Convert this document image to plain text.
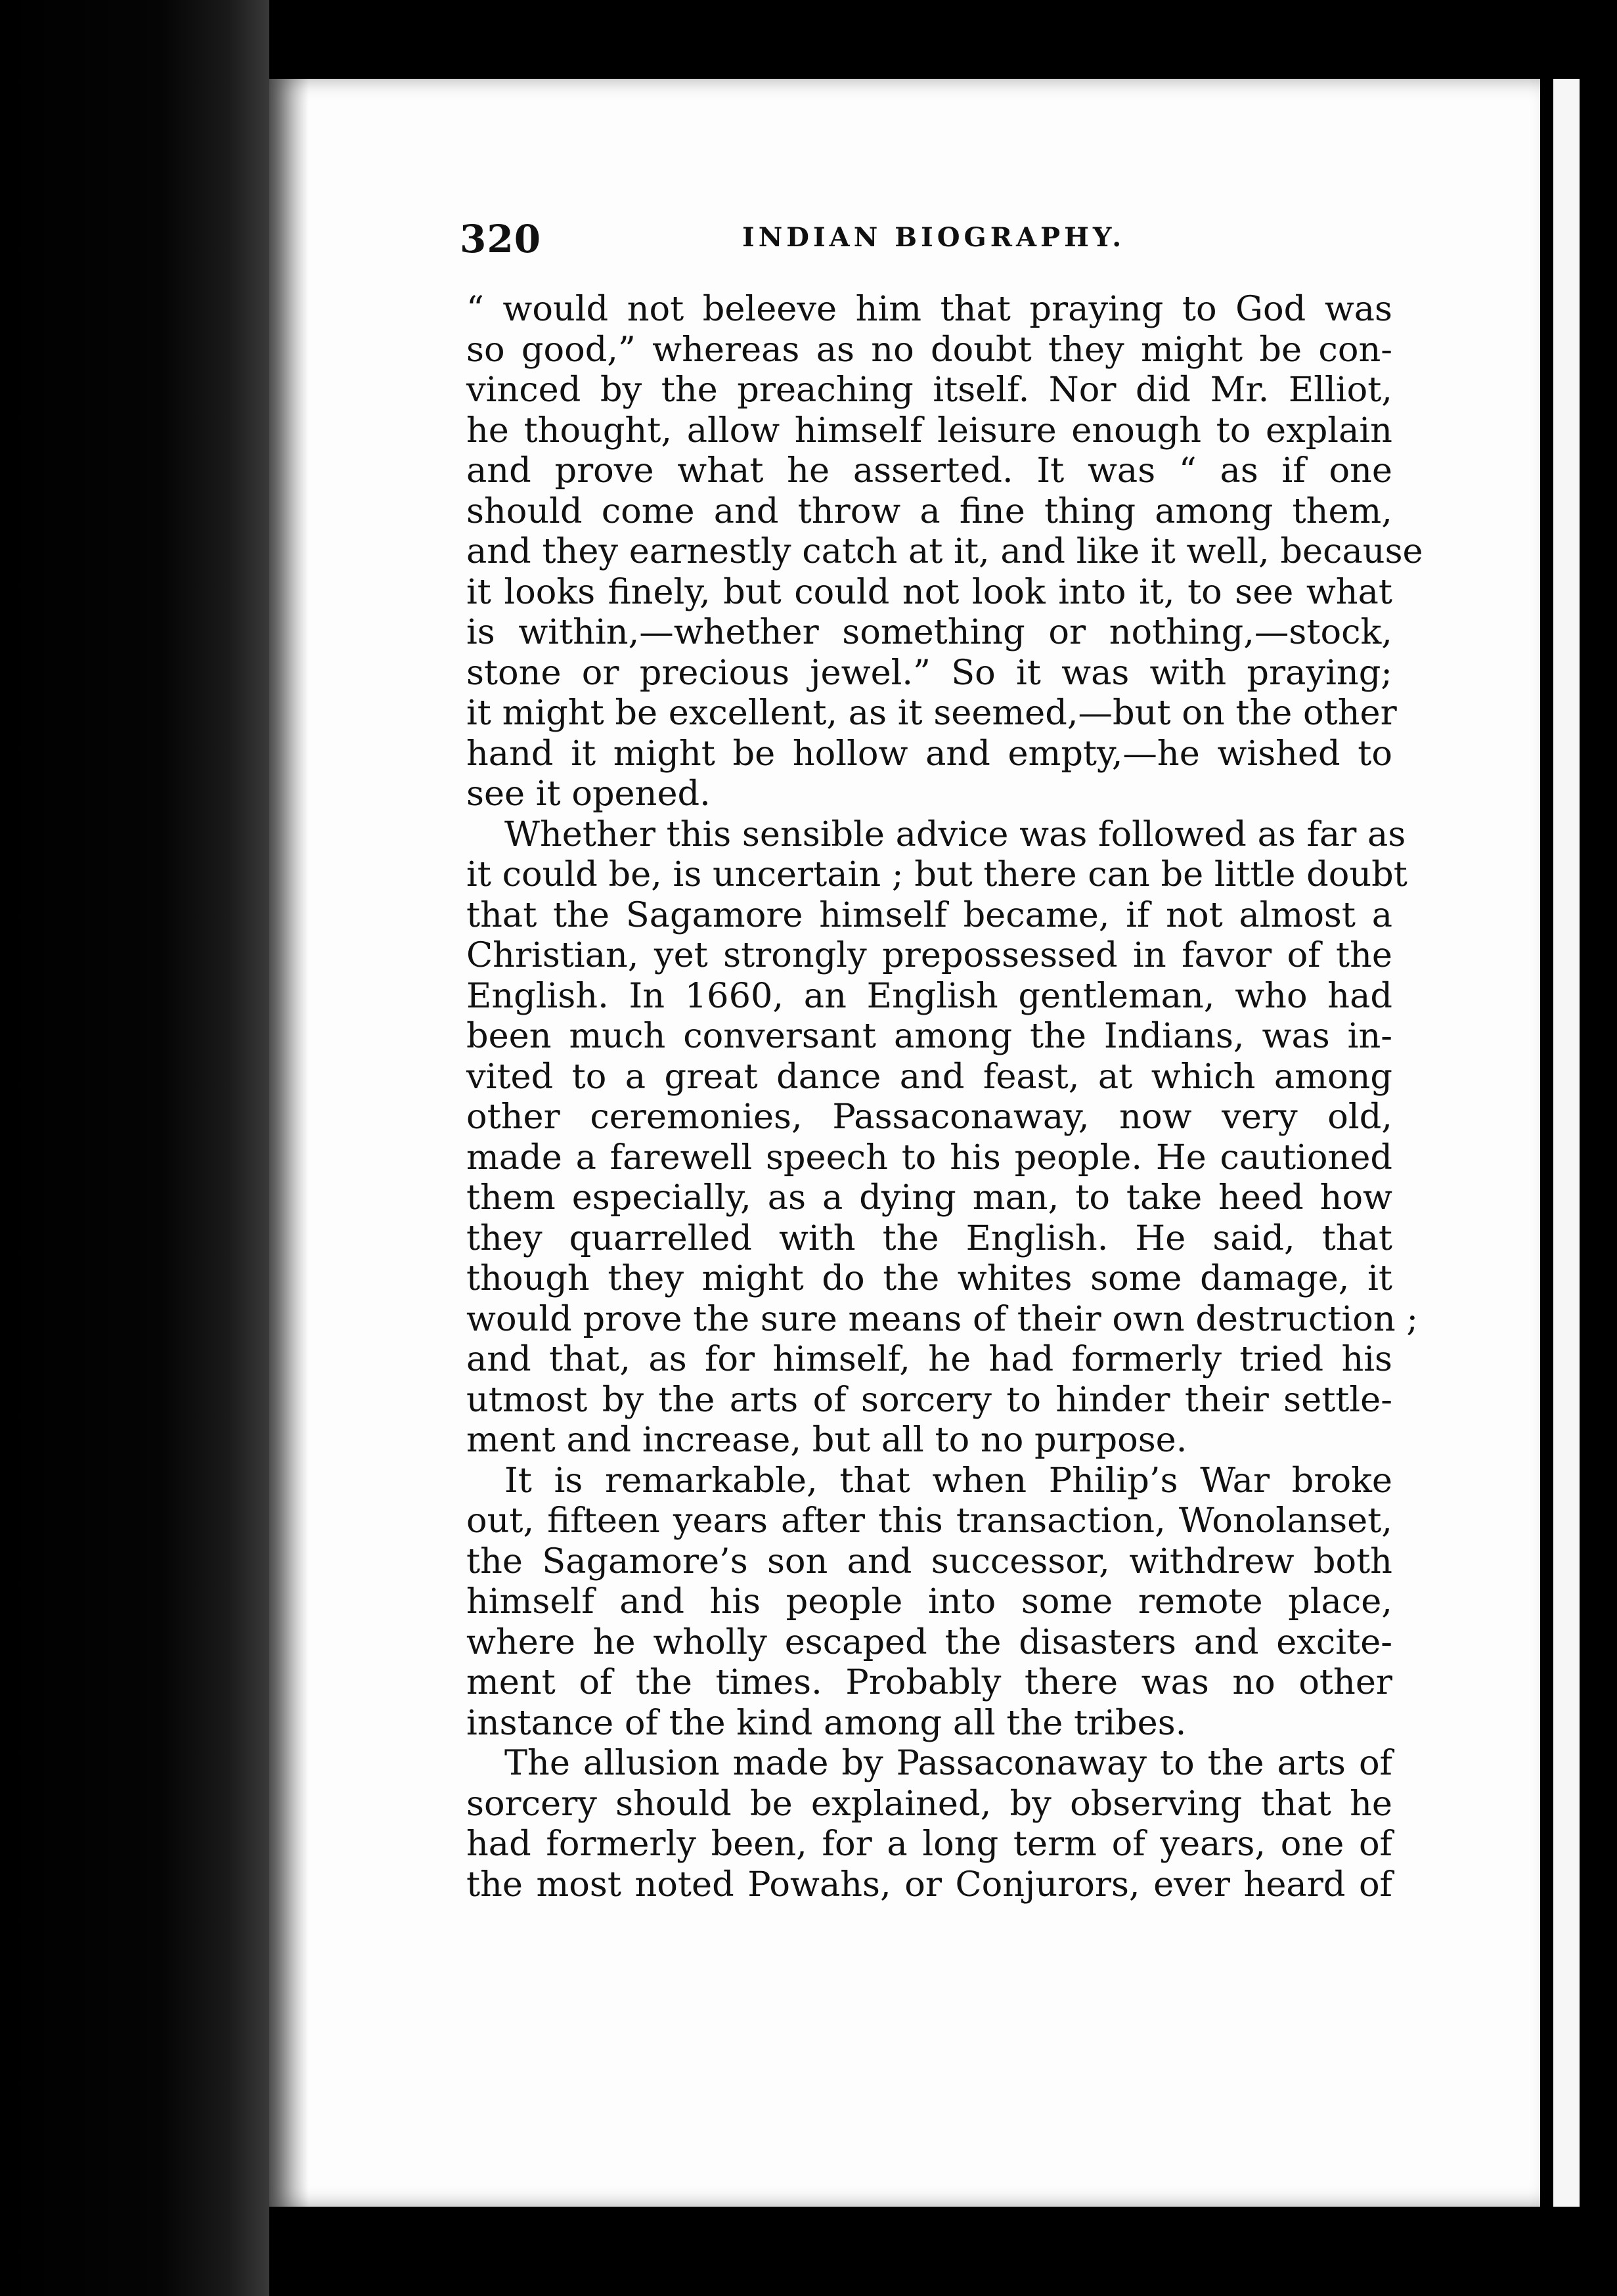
320	INDIAN BIOGRAPHY.
“ would not beleeve him that praying to God was
so good,” whereas as no doubt they might be con-
vinced by the preaching itself. Nor did Mr. Elliot,
he thought, allow himself leisure enough to explain
and prove what he asserted. It was “ as if one
should come and throw a fine thing among them,
and they earnestly catch at it, and like it well, because
it looks finely, but could not look into it, to see what
is within,—whether something or nothing,—stock,
stone or precious jewel.” So it was with praying;
it might be excellent, as it seemed,—but on the other
hand it might be hollow and empty,—he wished to
see it opened.
Whether this sensible advice was followed as far as
it could be, is uncertain ; but there can be little doubt
that the Sagamore himself became, if not almost a
Christian, yet strongly prepossessed in favor of the
English. In 1660, an English gentleman, who had
been much conversant among the Indians, was in-
vited to a great dance and feast, at which among
other ceremonies, Passaconaway, now very old,
made a farewell speech to his people. He cautioned
them especially, as a dying man, to take heed how
they quarrelled with the English. He said, that
though they might do the whites some damage, it
would prove the sure means of their own destruction ;
and that, as for himself, he had formerly tried his
utmost by the arts of sorcery to hinder their settle-
ment and increase, but all to no purpose.
It is remarkable, that when Philip’s War broke
out, fifteen years after this transaction, Wonolanset,
the Sagamore’s son and successor, withdrew both
himself and his people into some remote place,
where he wholly escaped the disasters and excite-
ment of the times. Probably there was no other
instance of the kind among all the tribes.
The allusion made by Passaconaway to the arts of
sorcery should be explained, by observing that he
had formerly been, for a long term of years, one of
the most noted Powahs, or Conjurors, ever heard of
